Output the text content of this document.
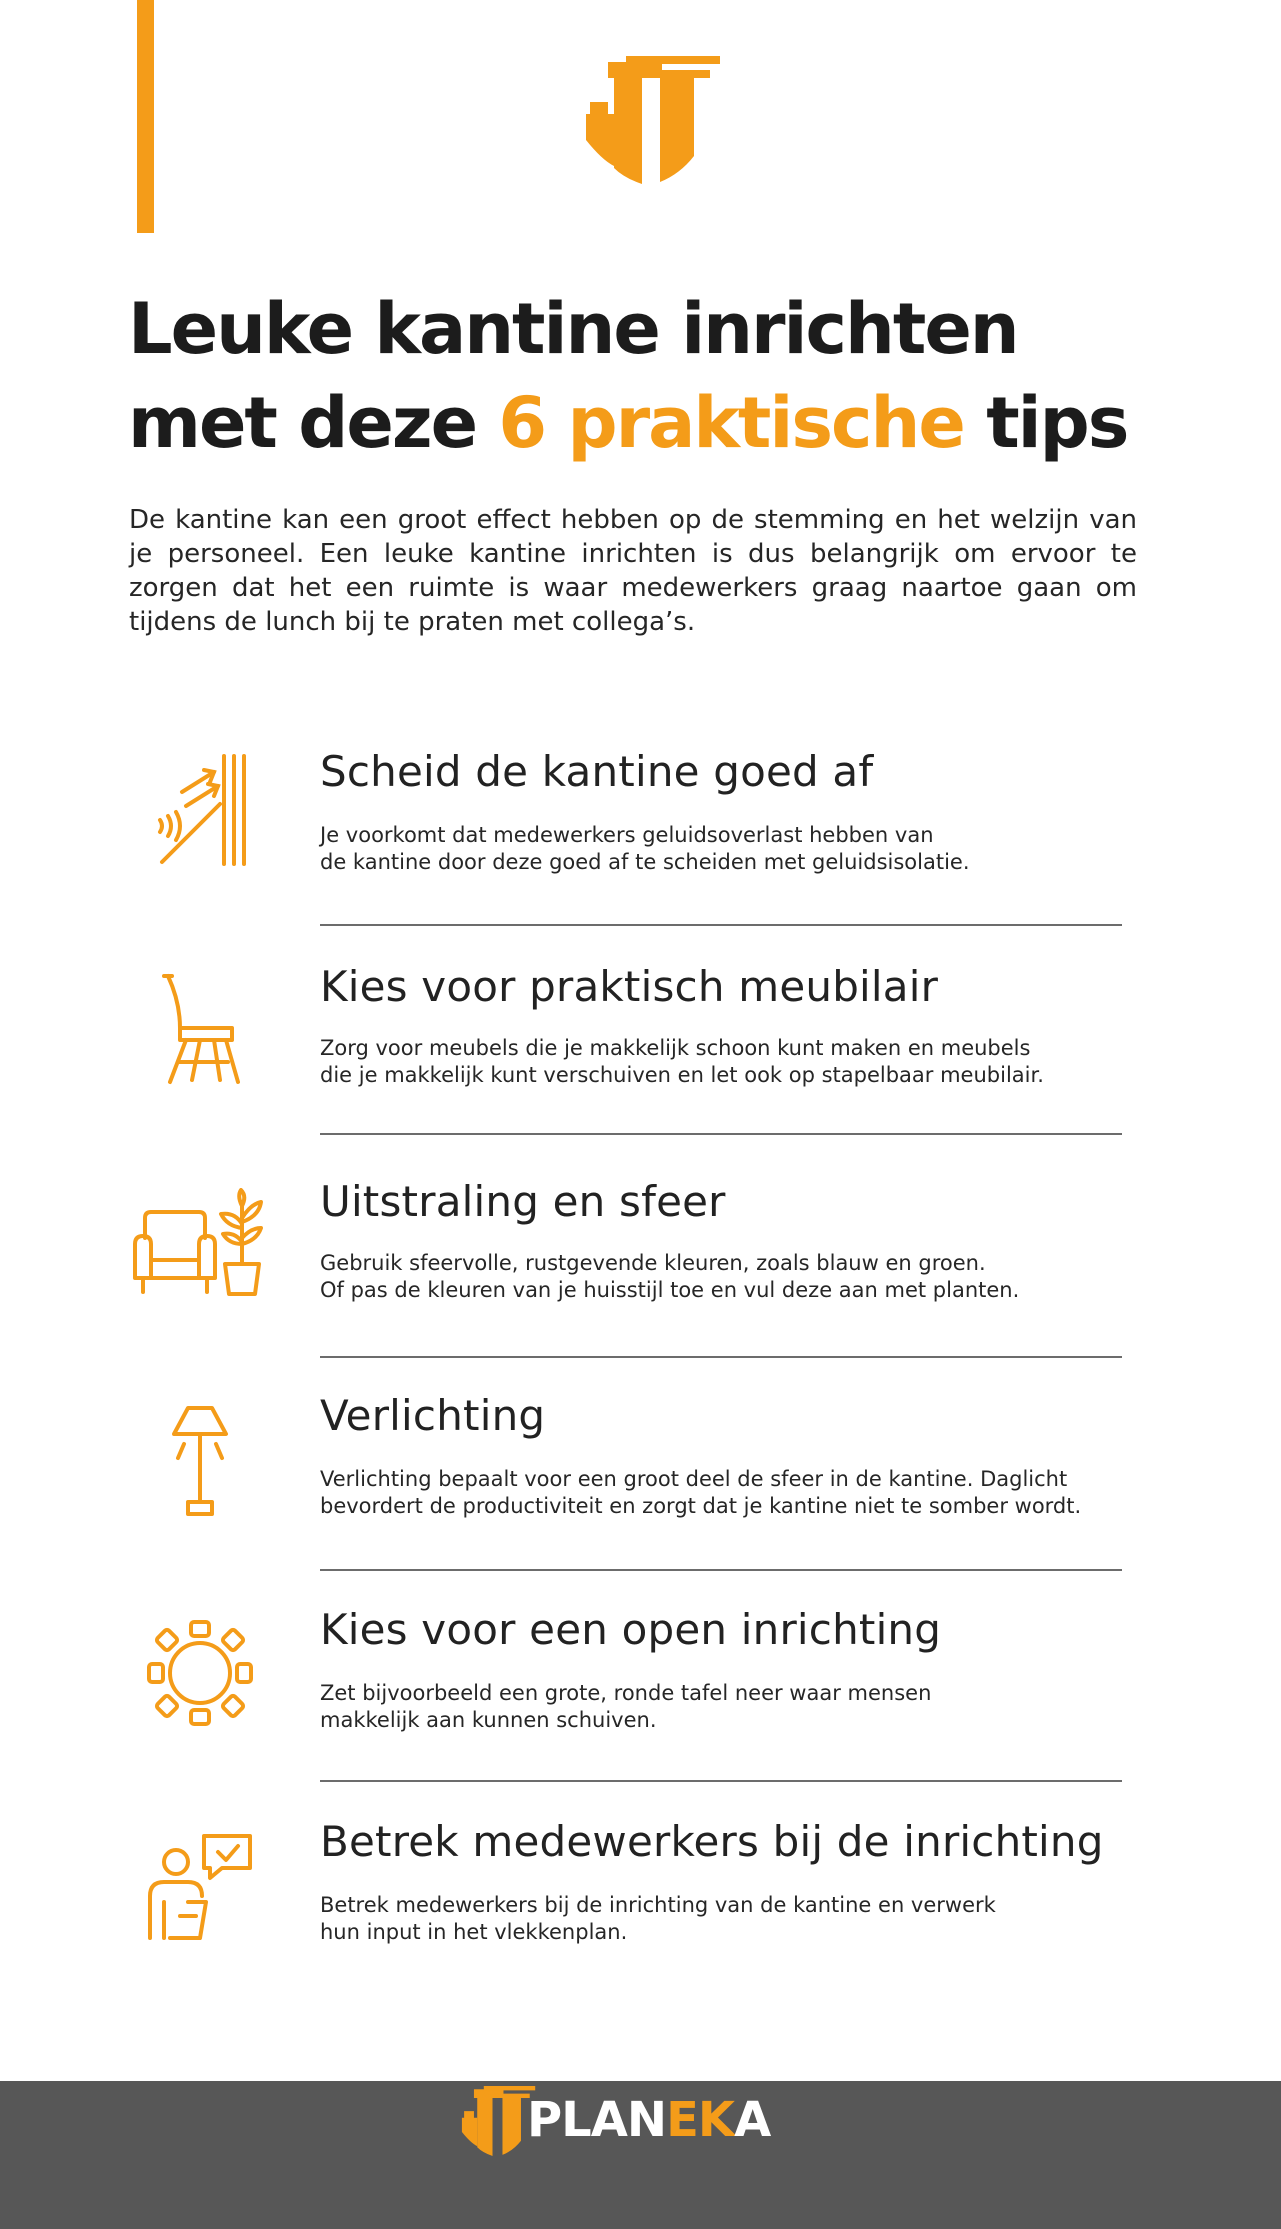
Leuke kantine inrichten
met deze 6 praktische tips

De kantine kan een groot effect hebben op de stemming en het welzijn van je personeel. Een leuke kantine inrichten is dus belangrijk om ervoor te zorgen dat het een ruimte is waar medewerkers graag naartoe gaan om tijdens de lunch bij te praten met collega’s.

Scheid de kantine goed af
Je voorkomt dat medewerkers geluidsoverlast hebben van
de kantine door deze goed af te scheiden met geluidsisolatie.
Kies voor praktisch meubilair
Zorg voor meubels die je makkelijk schoon kunt maken en meubels
die je makkelijk kunt verschuiven en let ook op stapelbaar meubilair.
Uitstraling en sfeer
Gebruik sfeervolle, rustgevende kleuren, zoals blauw en groen.
Of pas de kleuren van je huisstijl toe en vul deze aan met planten.
Verlichting
Verlichting bepaalt voor een groot deel de sfeer in de kantine. Daglicht
bevordert de productiviteit en zorgt dat je kantine niet te somber wordt.
Kies voor een open inrichting
Zet bijvoorbeeld een grote, ronde tafel neer waar mensen
makkelijk aan kunnen schuiven.
Betrek medewerkers bij de inrichting
Betrek medewerkers bij de inrichting van de kantine en verwerk
hun input in het vlekkenplan.
PLANEKA
